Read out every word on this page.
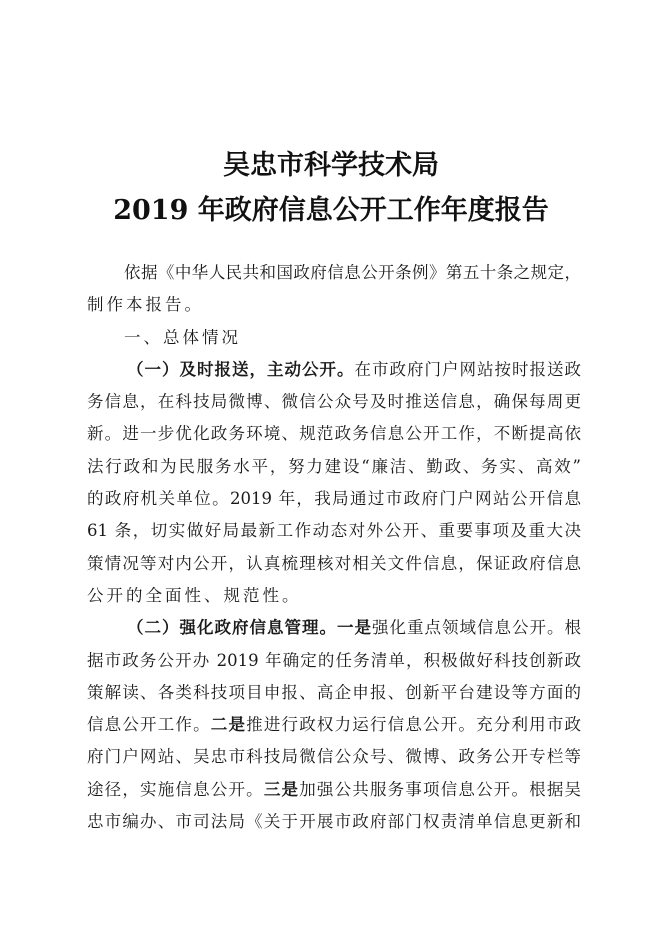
吴忠市科学技术局
2019 年政府信息公开工作年度报告
依据《中华人民共和国政府信息公开条例》第五十条之规定，
制作本报告。
一、总体情况
（一）及时报送，主动公开。在市政府门户网站按时报送政
务信息，在科技局微博、微信公众号及时推送信息，确保每周更
新。进一步优化政务环境、规范政务信息公开工作，不断提高依
法行政和为民服务水平，努力建设“廉洁、勤政、务实、高效”
的政府机关单位。2019 年，我局通过市政府门户网站公开信息
61 条，切实做好局最新工作动态对外公开、重要事项及重大决
策情况等对内公开，认真梳理核对相关文件信息，保证政府信息
公开的全面性、规范性。
（二）强化政府信息管理。一是强化重点领域信息公开。根
据市政务公开办 2019 年确定的任务清单，积极做好科技创新政
策解读、各类科技项目申报、高企申报、创新平台建设等方面的
信息公开工作。二是推进行政权力运行信息公开。充分利用市政
府门户网站、吴忠市科技局微信公众号、微博、政务公开专栏等
途径，实施信息公开。三是加强公共服务事项信息公开。根据吴
忠市编办、市司法局《关于开展市政府部门权责清单信息更新和
